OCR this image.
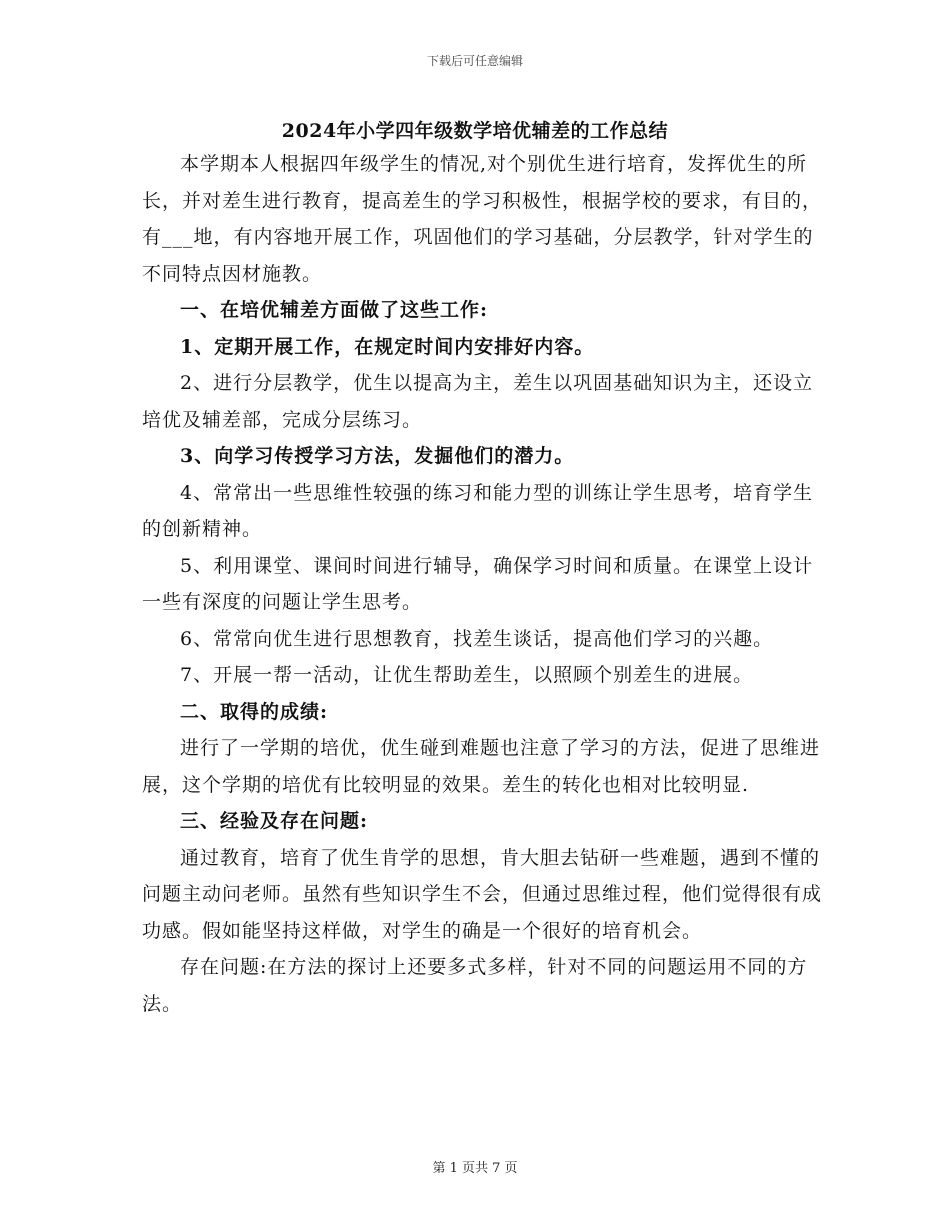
下载后可任意编辑
2024年小学四年级数学培优辅差的工作总结

本学期本人根据四年级学生的情况,对个别优生进行培育，发挥优生的所长，并对差生进行教育，提高差生的学习积极性，根据学校的要求，有目的，有___地，有内容地开展工作，巩固他们的学习基础，分层教学，针对学生的不同特点因材施教。

一、在培优辅差方面做了这些工作:

1、定期开展工作，在规定时间内安排好内容。

2、进行分层教学，优生以提高为主，差生以巩固基础知识为主，还设立培优及辅差部，完成分层练习。

3、向学习传授学习方法，发掘他们的潜力。

4、常常出一些思维性较强的练习和能力型的训练让学生思考，培育学生的创新精神。

5、利用课堂、课间时间进行辅导，确保学习时间和质量。在课堂上设计一些有深度的问题让学生思考。

6、常常向优生进行思想教育，找差生谈话，提高他们学习的兴趣。

7、开展一帮一活动，让优生帮助差生，以照顾个别差生的进展。

二、取得的成绩:

进行了一学期的培优，优生碰到难题也注意了学习的方法，促进了思维进展，这个学期的培优有比较明显的效果。差生的转化也相对比较明显.

三、经验及存在问题:

通过教育，培育了优生肯学的思想，肯大胆去钻研一些难题，遇到不懂的问题主动问老师。虽然有些知识学生不会，但通过思维过程，他们觉得很有成功感。假如能坚持这样做，对学生的确是一个很好的培育机会。

存在问题:在方法的探讨上还要多式多样，针对不同的问题运用不同的方法。

第 1 页共 7 页
